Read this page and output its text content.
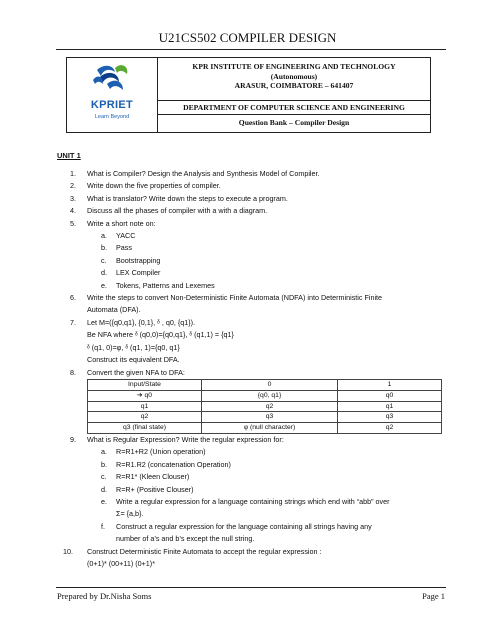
U21CS502 COMPILER DESIGN
KPRIET
Learn Beyond
KPR INSTITUTE OF ENGINEERING AND TECHNOLOGY
(Autonomous)
ARASUR, COIMBATORE – 641407
DEPARTMENT OF COMPUTER SCIENCE AND ENGINEERING
Question Bank – Compiler Design
UNIT 1
1.	What is Compiler? Design the Analysis and Synthesis Model of Compiler.
2.	Write down the five properties of compiler.
3.	What is translator? Write down the steps to execute a program.
4.	Discuss all the phases of compiler with a with a diagram.
5.	Write a short note on:
a. YACC
b. Pass
c. Bootstrapping
d. LEX Compiler
e. Tokens, Patterns and Lexemes
6.	Write the steps to convert Non-Deterministic Finite Automata (NDFA) into Deterministic Finite
Automata (DFA).
7.	Let M=({q0,q1}, {0,1}, ᵟ , q0, {q1}).
Be NFA where ᵟ (q0,0)={q0,q1}, ᵟ (q1,1) = {q1}
ᵟ (q1, 0)=φ, ᵟ (q1, 1)={q0, q1}
Construct its equivalent DFA.
8.	Convert the given NFA to DFA:
Input/State	0	1
➔ q0	{q0, q1}	q0
q1	q2	q1
q2	q3	q3
q3 (final state)	φ (null character)	q2
9.	What is Regular Expression? Write the regular expression for:
a. R=R1+R2 (Union operation)
b. R=R1.R2 (concatenation Operation)
c. R=R1* (Kleen Clouser)
d. R=R+ (Positive Clouser)
e. Write a regular expression for a language containing strings which end with “abb” over
Σ= {a,b}.
f. Construct a regular expression for the language containing all strings having any
number of a’s and b’s except the null string.
10.	Construct Deterministic Finite Automata to accept the regular expression :
(0+1)* (00+11) (0+1)*
Prepared by Dr.Nisha Soms	Page 1
